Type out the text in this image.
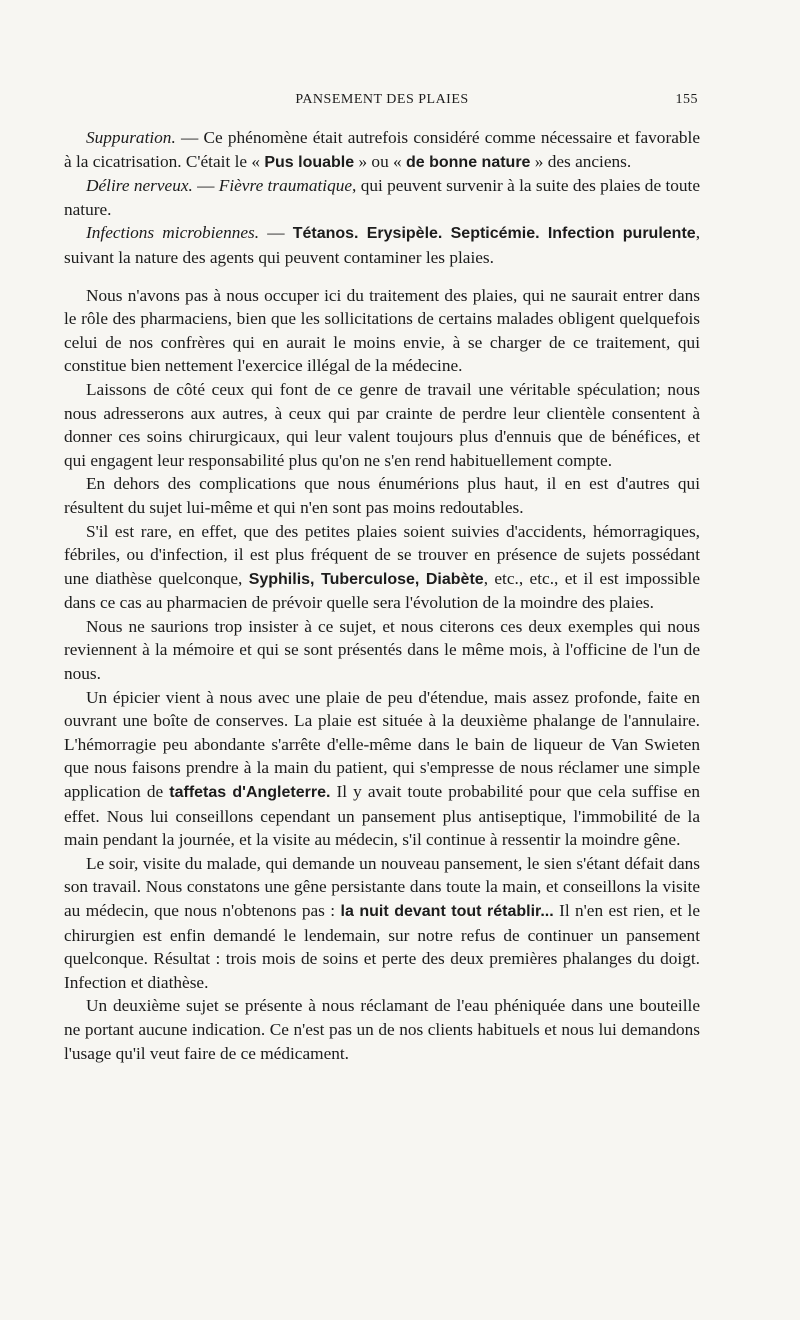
PANSEMENT DES PLAIES	155

Suppuration. — Ce phénomène était autrefois considéré comme nécessaire et favorable à la cicatrisation. C'était le « Pus louable » ou « de bonne nature » des anciens.

Délire nerveux. — Fièvre traumatique, qui peuvent survenir à la suite des plaies de toute nature.

Infections microbiennes. — Tétanos. Erysipèle. Septicémie. Infection purulente, suivant la nature des agents qui peuvent contaminer les plaies.

Nous n'avons pas à nous occuper ici du traitement des plaies, qui ne saurait entrer dans le rôle des pharmaciens, bien que les sollicitations de certains malades obligent quelquefois celui de nos confrères qui en aurait le moins envie, à se charger de ce traitement, qui constitue bien nettement l'exercice illégal de la médecine.

Laissons de côté ceux qui font de ce genre de travail une véritable spéculation; nous nous adresserons aux autres, à ceux qui par crainte de perdre leur clientèle consentent à donner ces soins chirurgicaux, qui leur valent toujours plus d'ennuis que de bénéfices, et qui engagent leur responsabilité plus qu'on ne s'en rend habituellement compte.

En dehors des complications que nous énumérions plus haut, il en est d'autres qui résultent du sujet lui-même et qui n'en sont pas moins redoutables.

S'il est rare, en effet, que des petites plaies soient suivies d'accidents, hémorragiques, fébriles, ou d'infection, il est plus fréquent de se trouver en présence de sujets possédant une diathèse quelconque, Syphilis, Tuberculose, Diabète, etc., etc., et il est impossible dans ce cas au pharmacien de prévoir quelle sera l'évolution de la moindre des plaies.

Nous ne saurions trop insister à ce sujet, et nous citerons ces deux exemples qui nous reviennent à la mémoire et qui se sont présentés dans le même mois, à l'officine de l'un de nous.

Un épicier vient à nous avec une plaie de peu d'étendue, mais assez profonde, faite en ouvrant une boîte de conserves. La plaie est située à la deuxième phalange de l'annulaire. L'hémorragie peu abondante s'arrête d'elle-même dans le bain de liqueur de Van Swieten que nous faisons prendre à la main du patient, qui s'empresse de nous réclamer une simple application de taffetas d'Angleterre. Il y avait toute probabilité pour que cela suffise en effet. Nous lui conseillons cependant un pansement plus antiseptique, l'immobilité de la main pendant la journée, et la visite au médecin, s'il continue à ressentir la moindre gêne.

Le soir, visite du malade, qui demande un nouveau pansement, le sien s'étant défait dans son travail. Nous constatons une gêne persistante dans toute la main, et conseillons la visite au médecin, que nous n'obtenons pas : la nuit devant tout rétablir... Il n'en est rien, et le chirurgien est enfin demandé le lendemain, sur notre refus de continuer un pansement quelconque. Résultat : trois mois de soins et perte des deux premières phalanges du doigt. Infection et diathèse.

Un deuxième sujet se présente à nous réclamant de l'eau phéniquée dans une bouteille ne portant aucune indication. Ce n'est pas un de nos clients habituels et nous lui demandons l'usage qu'il veut faire de ce médicament.
